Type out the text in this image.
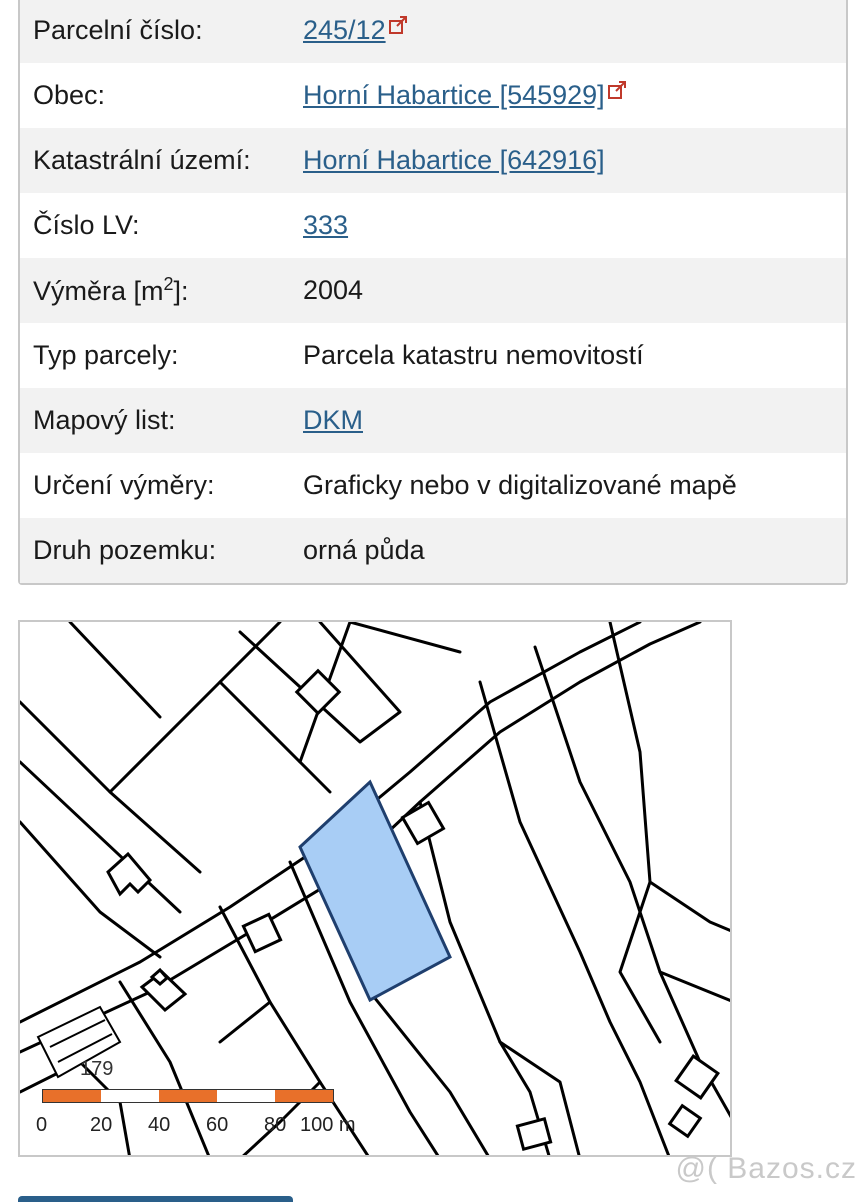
Parcelní číslo:	245/12
Obec:	Horní Habartice [545929]
Katastrální území:	Horní Habartice [642916]
Číslo LV:	333
Výměra $[m^2]$:	2004
Typ parcely:	Parcela katastru nemovitostí
Mapový list:	DKM
Určení výměry:	Graficky nebo v digitalizované mapě
Druh pozemku:	orná půda
179
0 20 40 60 80 100 m
@( Bazos.cz
